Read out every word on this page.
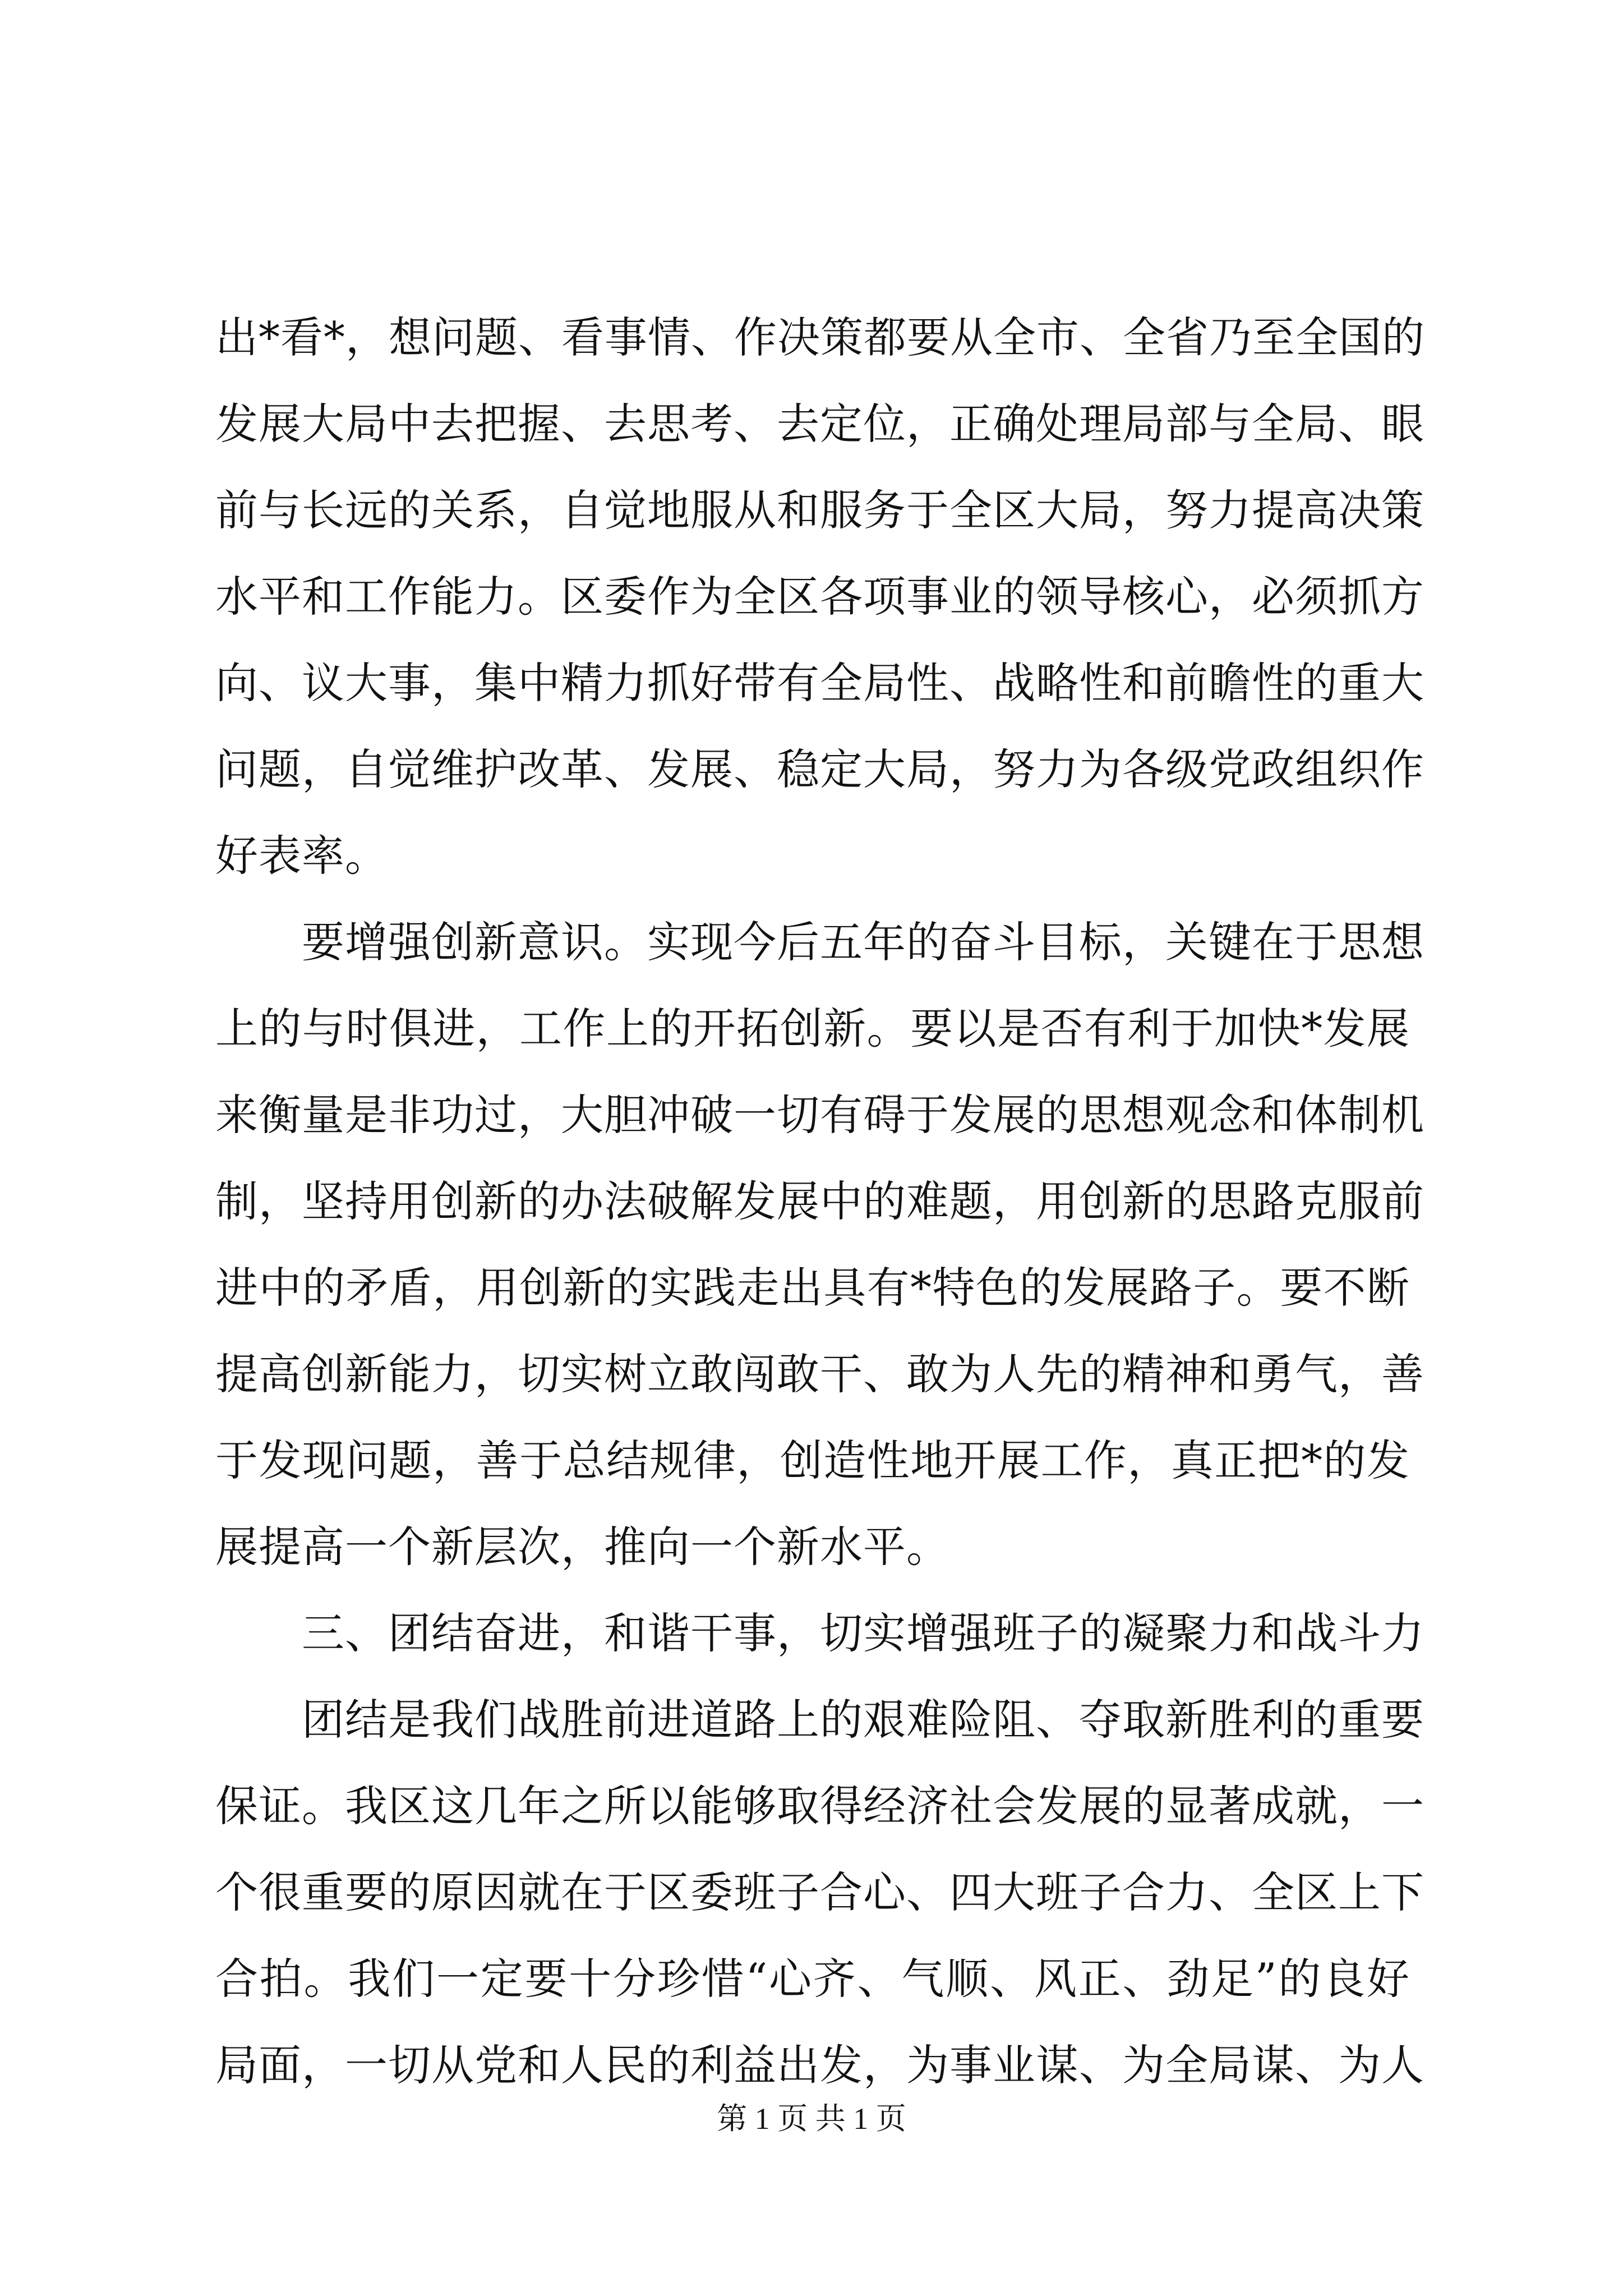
出*看*，想问题、看事情、作决策都要从全市、全省乃至全国的
发展大局中去把握、去思考、去定位，正确处理局部与全局、眼
前与长远的关系，自觉地服从和服务于全区大局，努力提高决策
水平和工作能力。区委作为全区各项事业的领导核心，必须抓方
向、议大事，集中精力抓好带有全局性、战略性和前瞻性的重大
问题，自觉维护改革、发展、稳定大局，努力为各级党政组织作
好表率。
要增强创新意识。实现今后五年的奋斗目标，关键在于思想
上的与时俱进，工作上的开拓创新。要以是否有利于加快*发展
来衡量是非功过，大胆冲破一切有碍于发展的思想观念和体制机
制，坚持用创新的办法破解发展中的难题，用创新的思路克服前
进中的矛盾，用创新的实践走出具有*特色的发展路子。要不断
提高创新能力，切实树立敢闯敢干、敢为人先的精神和勇气，善
于发现问题，善于总结规律，创造性地开展工作，真正把*的发
展提高一个新层次，推向一个新水平。
三、团结奋进，和谐干事，切实增强班子的凝聚力和战斗力
团结是我们战胜前进道路上的艰难险阻、夺取新胜利的重要
保证。我区这几年之所以能够取得经济社会发展的显著成就，一
个很重要的原因就在于区委班子合心、四大班子合力、全区上下
合拍。我们一定要十分珍惜“心齐、气顺、风正、劲足”的良好
局面，一切从党和人民的利益出发，为事业谋、为全局谋、为人
第 1 页 共 1 页
